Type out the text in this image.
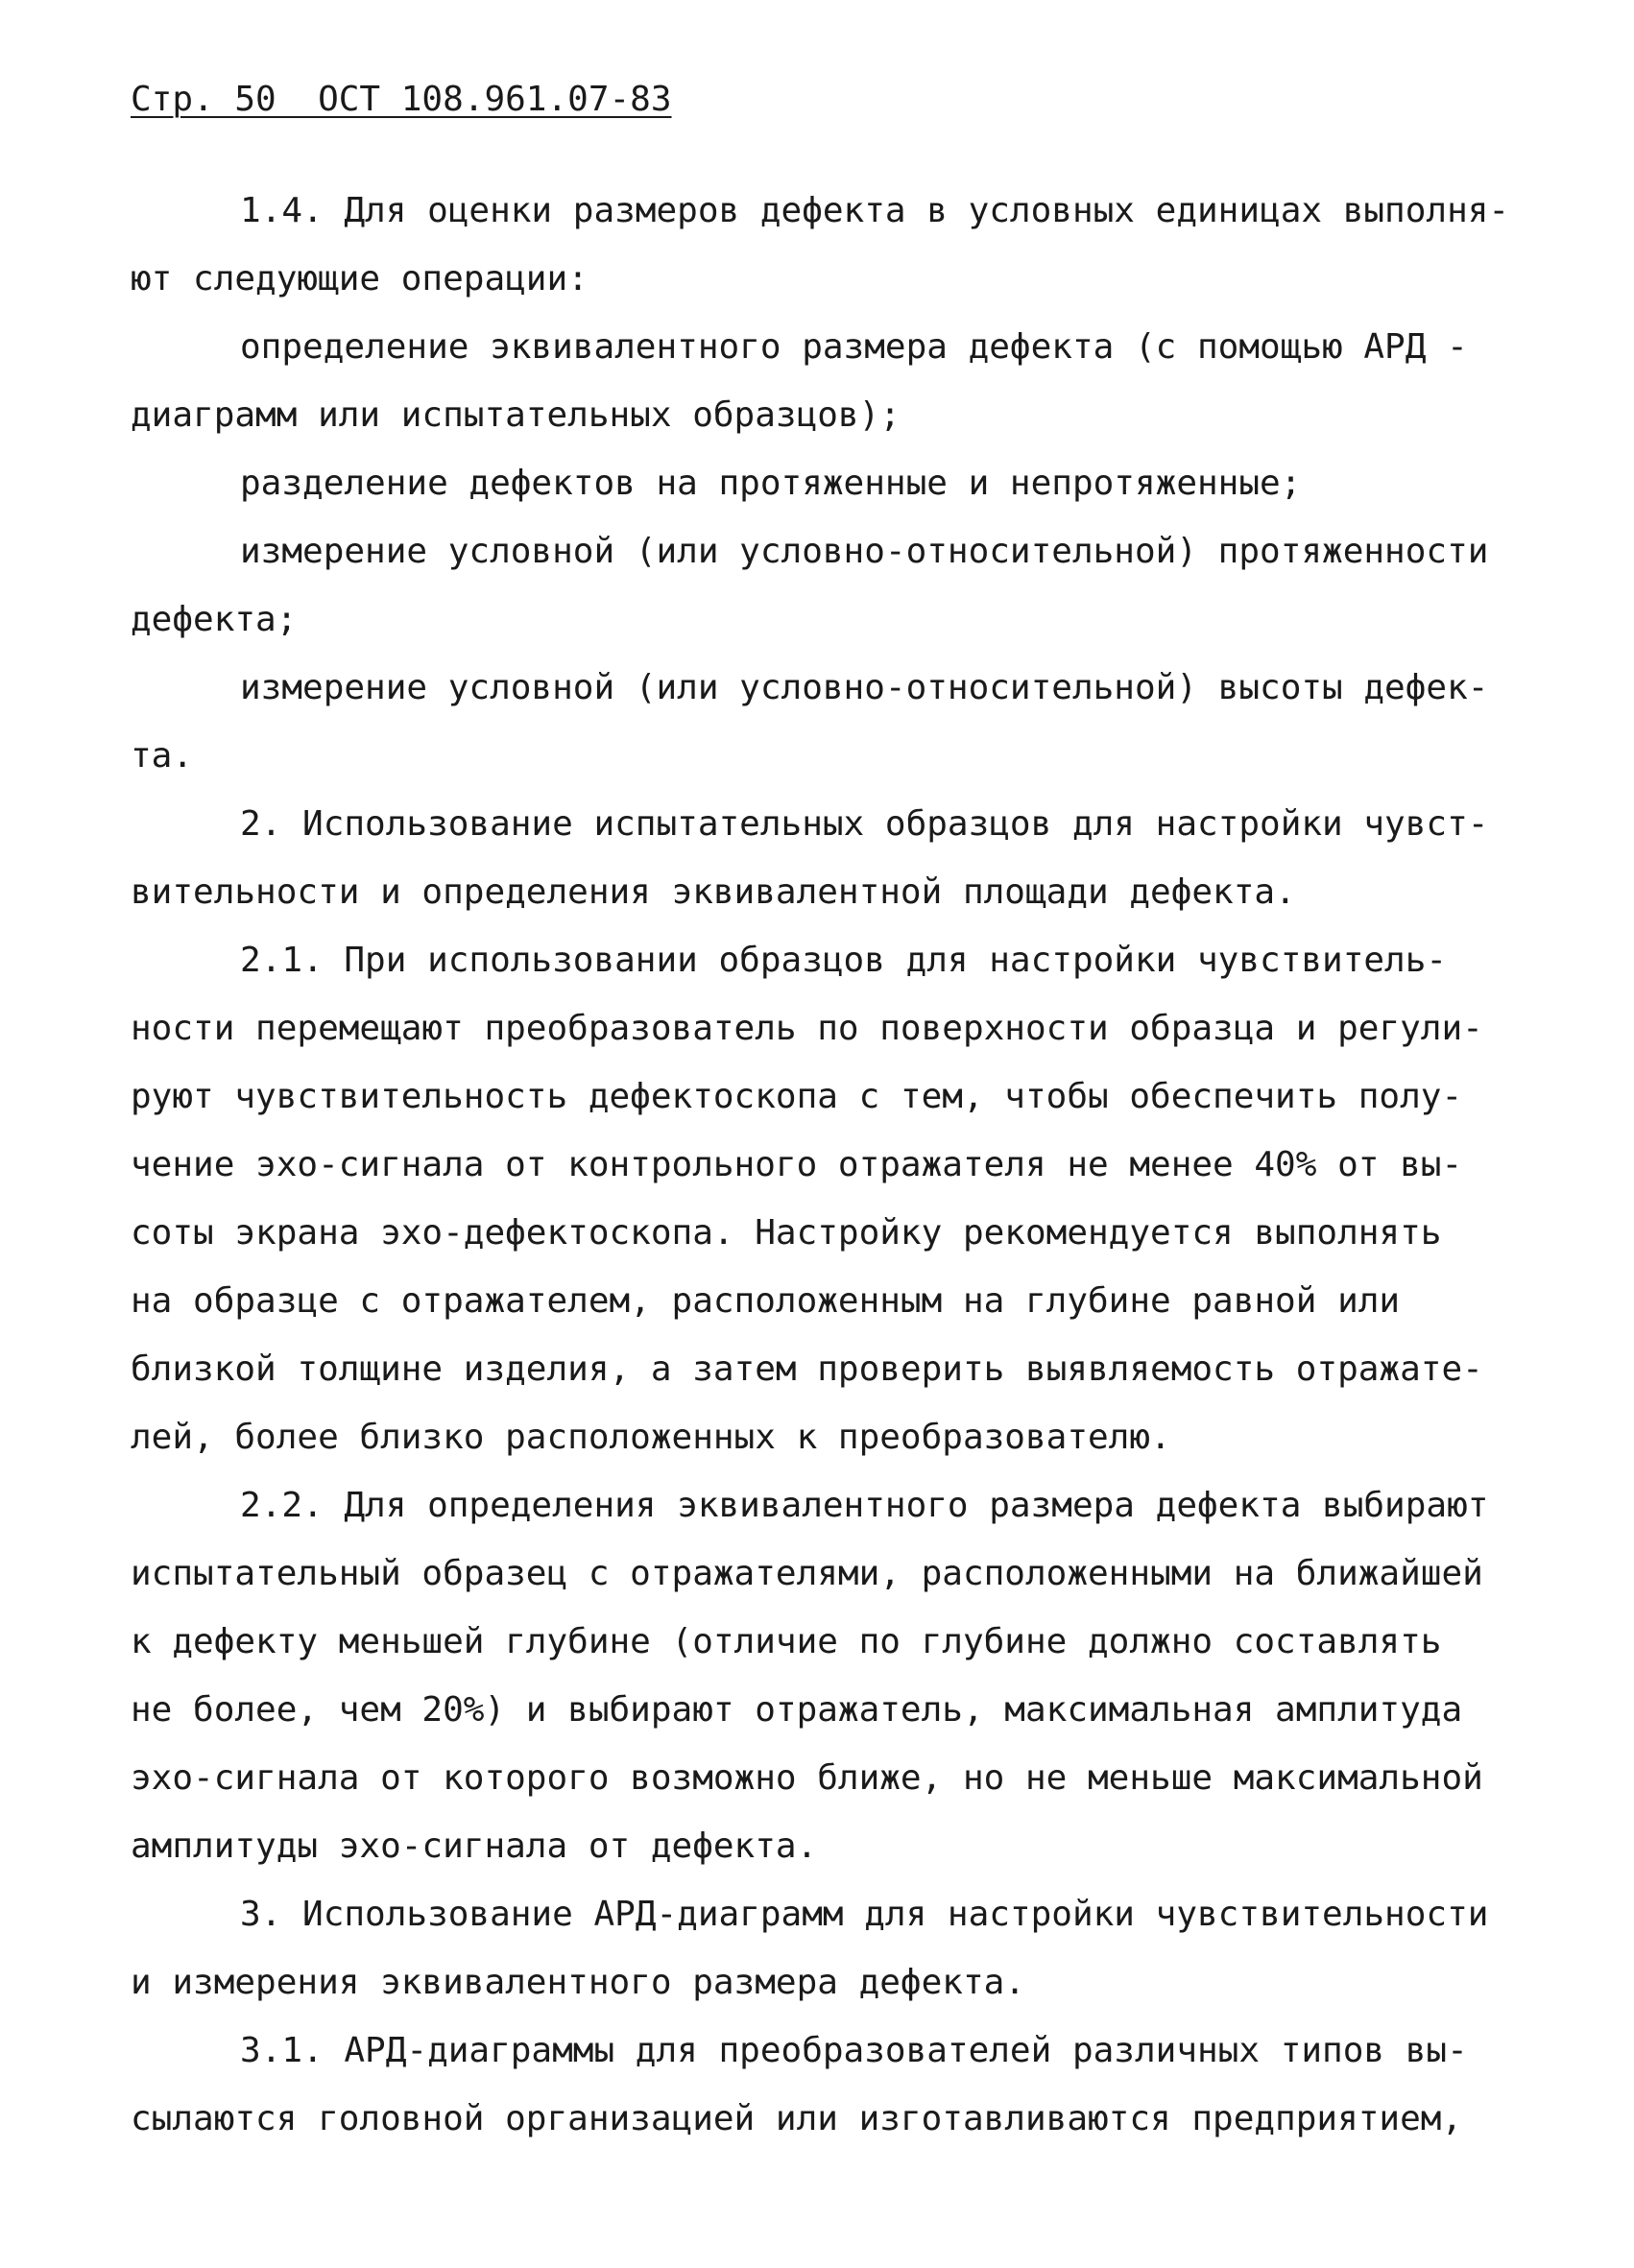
Стр. 50  ОСТ 108.961.07-83
1.4. Для оценки размеров дефекта в условных единицах выполня-
ют следующие операции:
определение эквивалентного размера дефекта (с помощью АРД -
диаграмм или испытательных образцов);
разделение дефектов на протяженные и непротяженные;
измерение условной (или условно-относительной) протяженности
дефекта;
измерение условной (или условно-относительной) высоты дефек-
та.
2. Использование испытательных образцов для настройки чувст-
вительности и определения эквивалентной площади дефекта.
2.1. При использовании образцов для настройки чувствитель-
ности перемещают преобразователь по поверхности образца и регули-
руют чувствительность дефектоскопа с тем, чтобы обеспечить полу-
чение эхо-сигнала от контрольного отражателя не менее 40% от вы-
соты экрана эхо-дефектоскопа. Настройку рекомендуется выполнять
на образце с отражателем, расположенным на глубине равной или
близкой толщине изделия, а затем проверить выявляемость отражате-
лей, более близко расположенных к преобразователю.
2.2. Для определения эквивалентного размера дефекта выбирают
испытательный образец с отражателями, расположенными на ближайшей
к дефекту меньшей глубине (отличие по глубине должно составлять
не более, чем 20%) и выбирают отражатель, максимальная амплитуда
эхо-сигнала от которого возможно ближе, но не меньше максимальной
амплитуды эхо-сигнала от дефекта.
3. Использование АРД-диаграмм для настройки чувствительности
и измерения эквивалентного размера дефекта.
3.1. АРД-диаграммы для преобразователей различных типов вы-
сылаются головной организацией или изготавливаются предприятием,
